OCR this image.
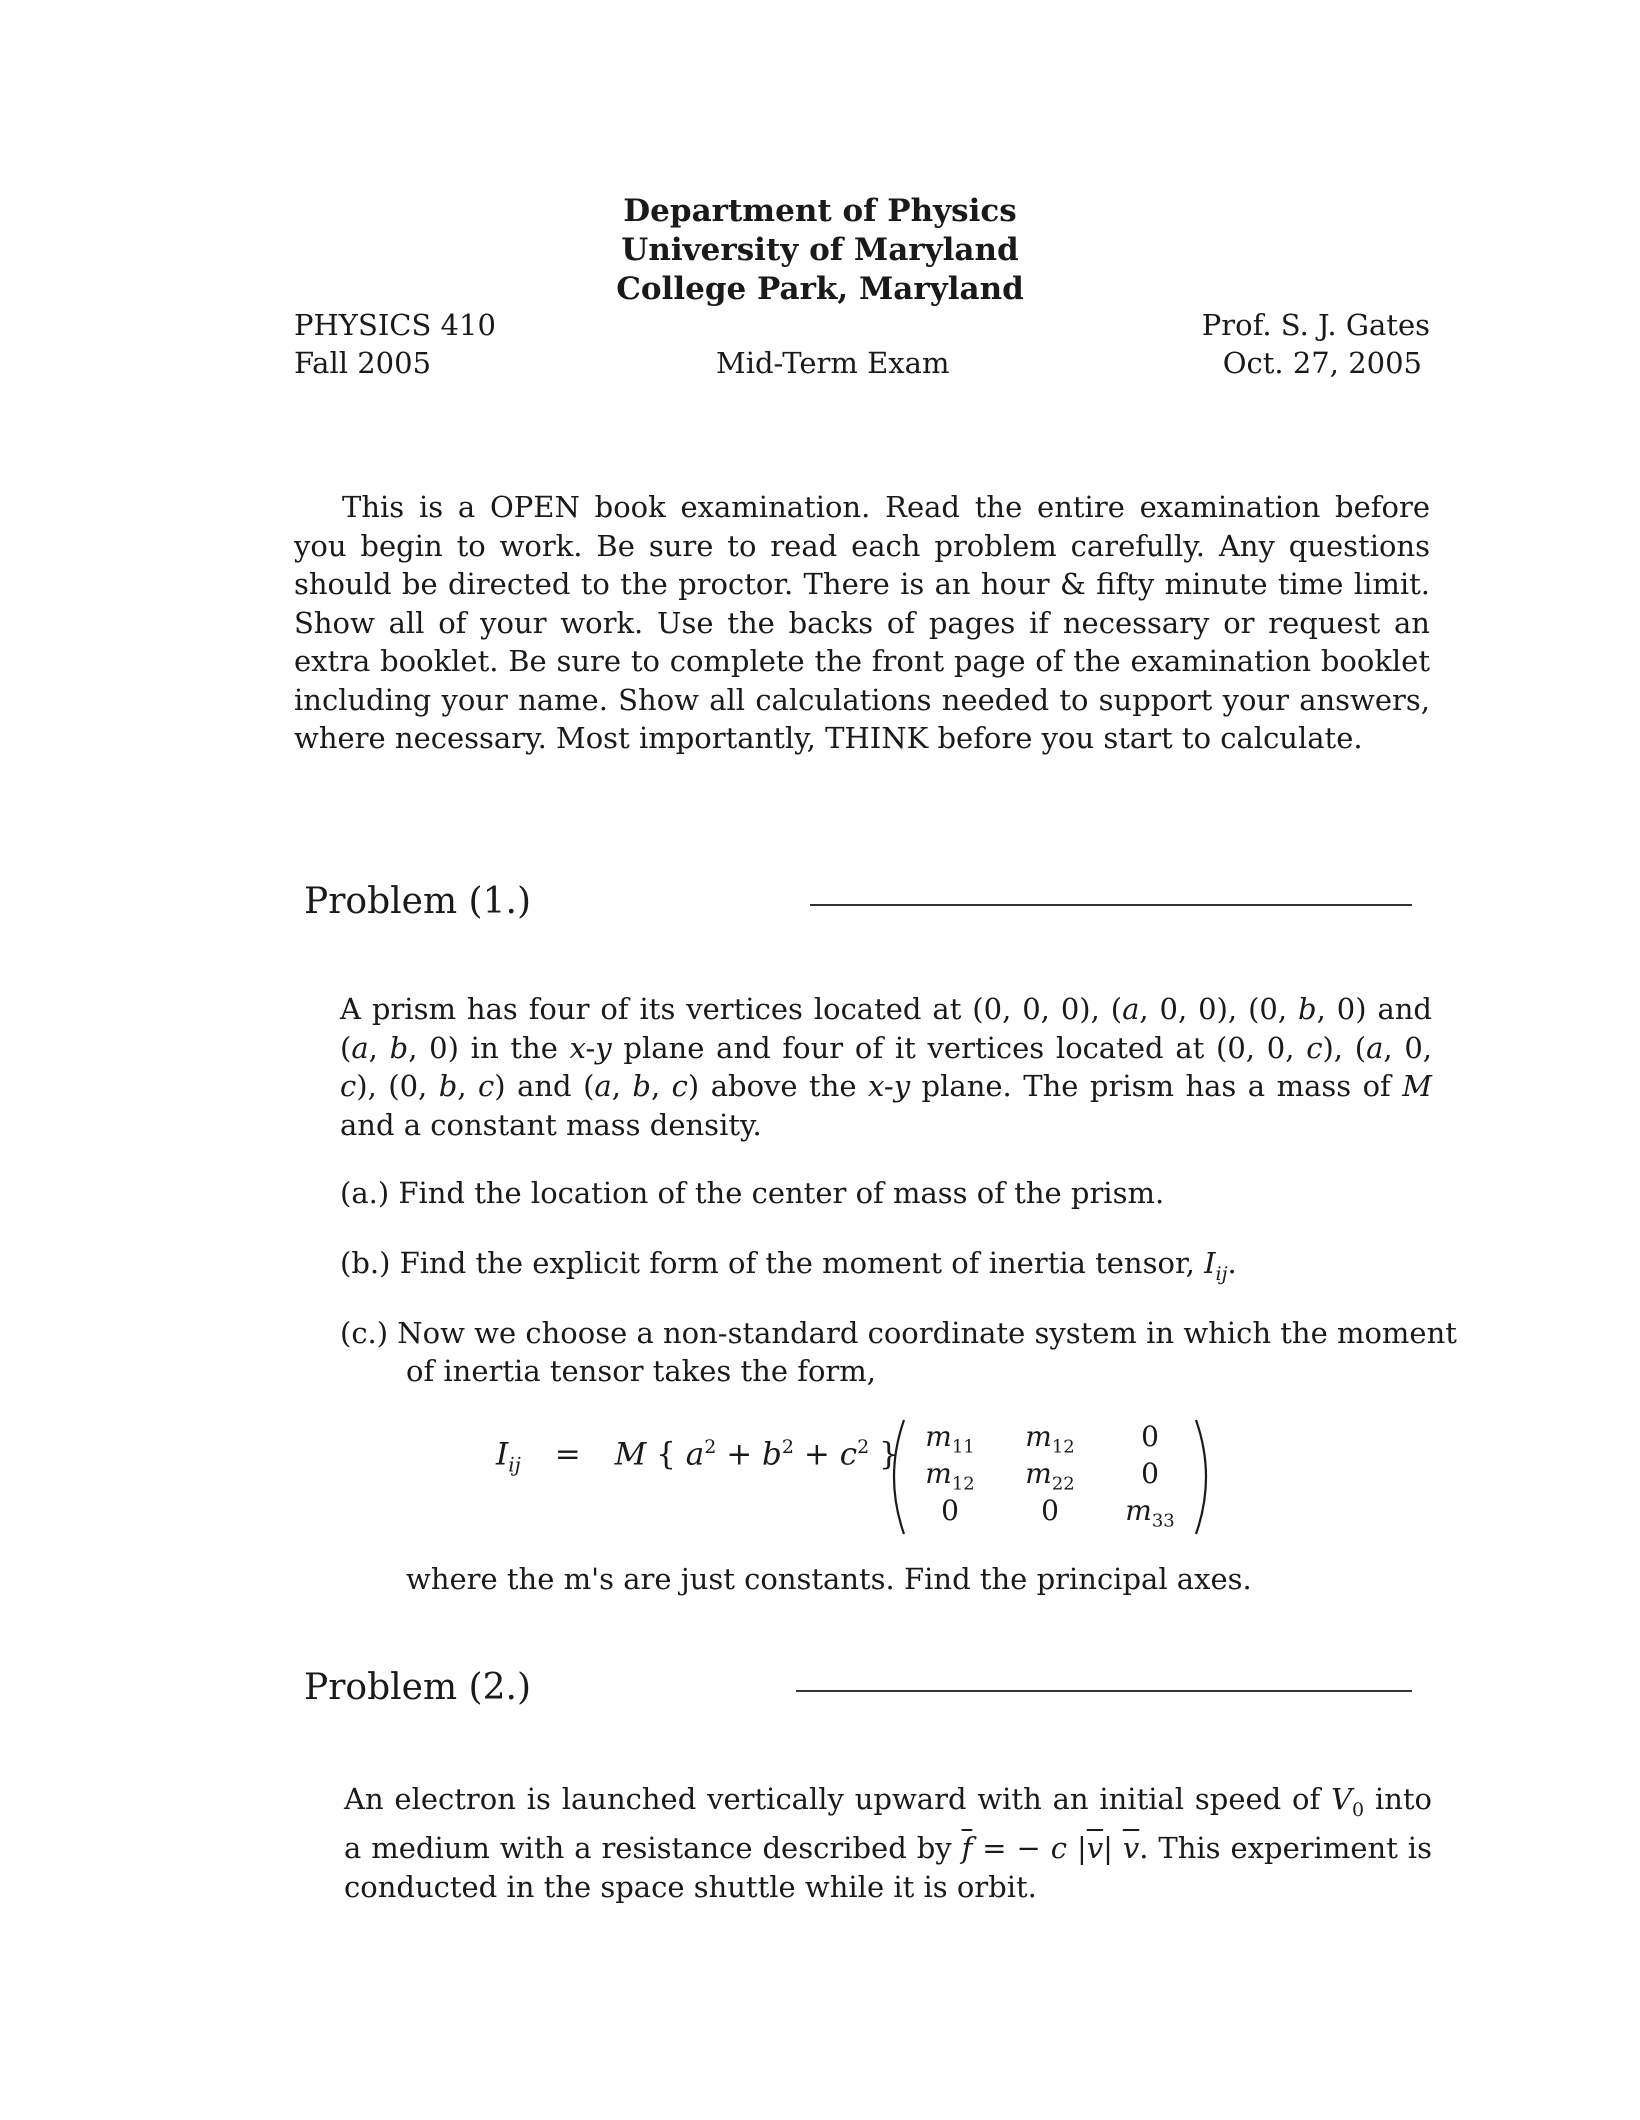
Department of Physics
University of Maryland
College Park, Maryland
PHYSICS 410
Fall 2005	Mid-Term Exam
Prof. S. J. Gates
Oct. 27, 2005
This is a OPEN book examination. Read the entire examination before you begin to work. Be sure to read each problem carefully. Any questions should be directed to the proctor. There is an hour & fifty minute time limit. Show all of your work. Use the backs of pages if necessary or request an extra booklet. Be sure to complete the front page of the examination booklet including your name. Show all calculations needed to support your answers, where necessary. Most importantly, THINK before you start to calculate.
Problem (1.)
A prism has four of its vertices located at (0, 0, 0), (a, 0, 0), (0, b, 0) and (a, b, 0) in the x-y plane and four of it vertices located at (0, 0, c), (a, 0, c), (0, b, c) and (a, b, c) above the x-y plane. The prism has a mass of M and a constant mass density.
(a.) Find the location of the center of mass of the prism.
(b.) Find the explicit form of the moment of inertia tensor, $I_{ij}$.
(c.) Now we choose a non-standard coordinate system in which the moment
of inertia tensor takes the form,
$I_{ij} = M$ { $a^2 + b^2 + c^2$ } $m_{11}$	$m_{12}$	0
$m_{12}$	$m_{22}$	0
0	0	$m_{33}$
where the m's are just constants. Find the principal axes.
Problem (2.)
An electron is launched vertically upward with an initial speed of $V_0$ into a medium with a resistance described by $\overline{f}$ = − c $|\overline{v}|$ $\overline{v}$. This experiment is conducted in the space shuttle while it is orbit.
